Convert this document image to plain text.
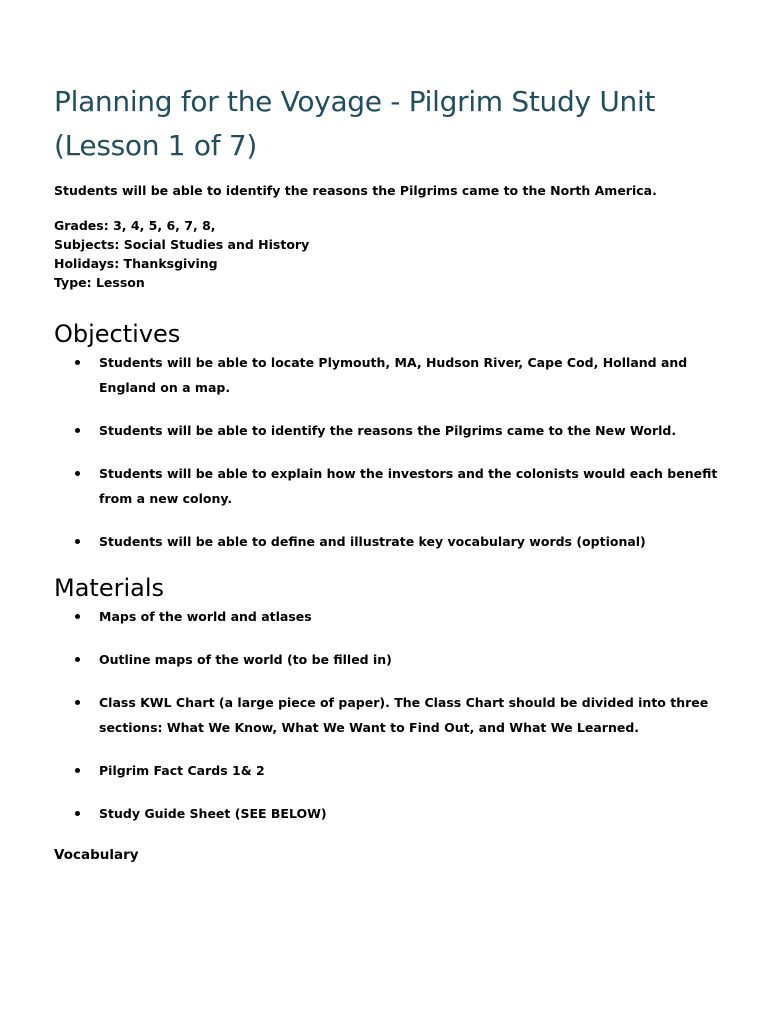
Planning for the Voyage - Pilgrim Study Unit (Lesson 1 of 7)

Students will be able to identify the reasons the Pilgrims came to the North America.

Grades: 3, 4, 5, 6, 7, 8,
Subjects: Social Studies and History
Holidays: Thanksgiving
Type: Lesson
Objectives
Students will be able to locate Plymouth, MA, Hudson River, Cape Cod, Holland and England on a map.
Students will be able to identify the reasons the Pilgrims came to the New World.
Students will be able to explain how the investors and the colonists would each benefit from a new colony.
Students will be able to define and illustrate key vocabulary words (optional)
Materials
Maps of the world and atlases
Outline maps of the world (to be filled in)
Class KWL Chart (a large piece of paper). The Class Chart should be divided into three sections: What We Know, What We Want to Find Out, and What We Learned.
Pilgrim Fact Cards 1& 2
Study Guide Sheet (SEE BELOW)
Vocabulary
